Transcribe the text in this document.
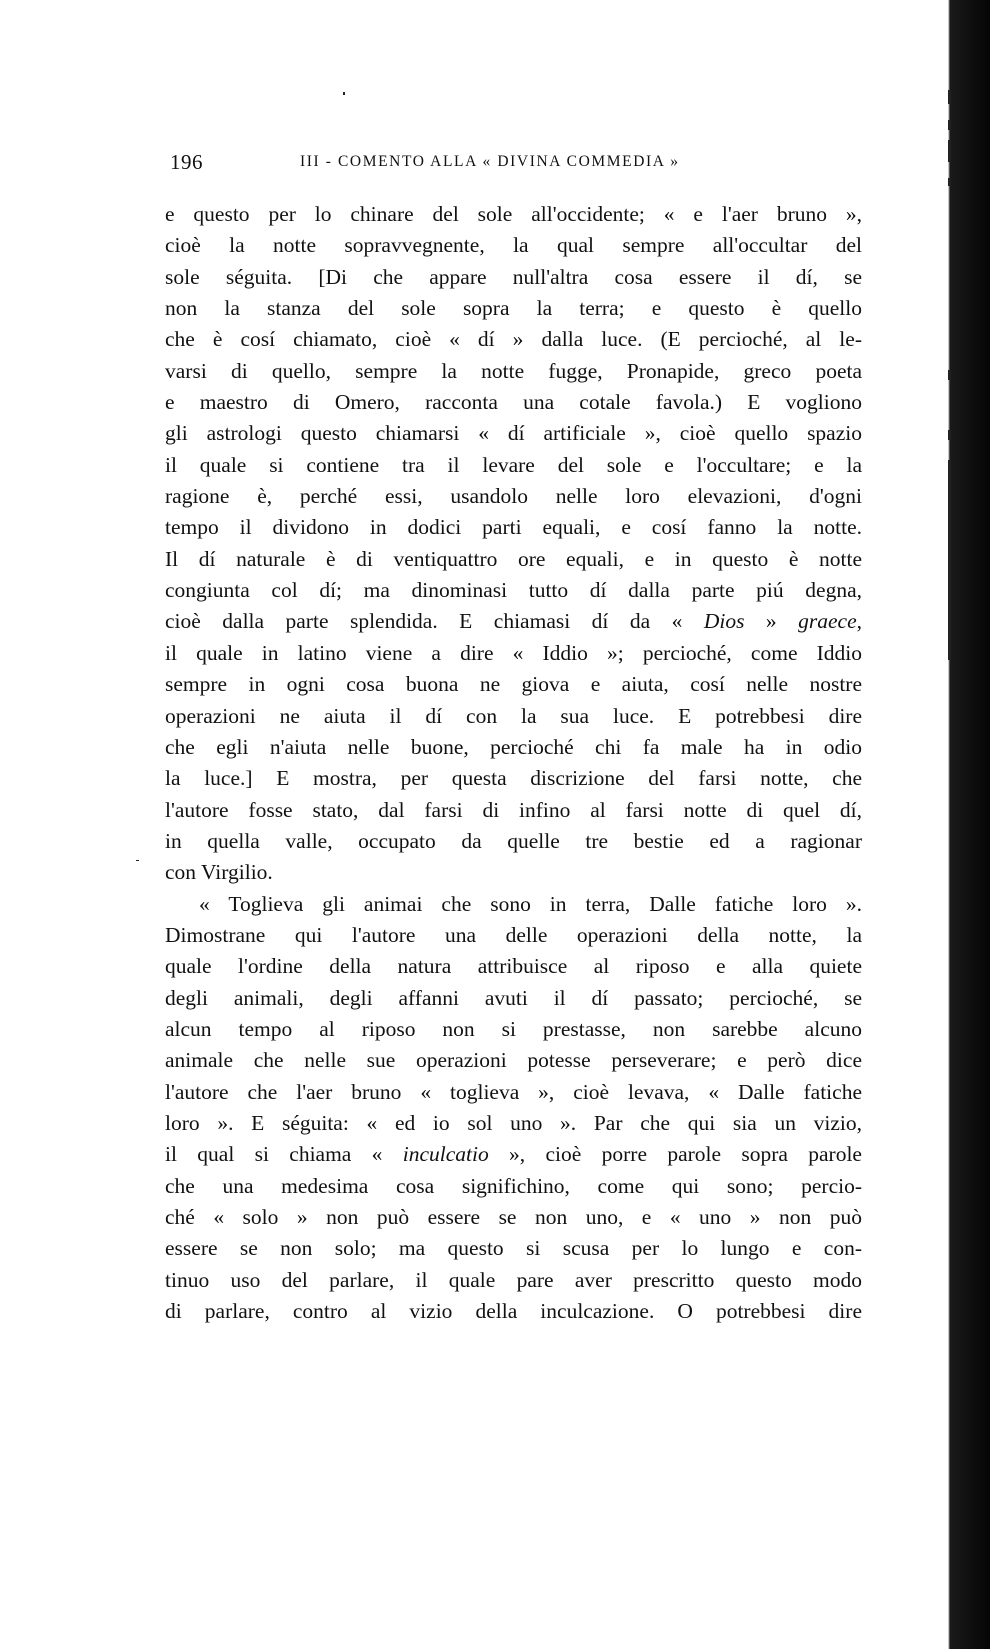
196	III - COMENTO ALLA « DIVINA COMMEDIA »
e questo per lo chinare del sole all'occidente; « e l'aer bruno »,
cioè la notte sopravvegnente, la qual sempre all'occultar del
sole séguita. [Di che appare null'altra cosa essere il dí, se
non la stanza del sole sopra la terra; e questo è quello
che è cosí chiamato, cioè « dí » dalla luce. (E percioché, al le-
varsi di quello, sempre la notte fugge, Pronapide, greco poeta
e maestro di Omero, racconta una cotale favola.) E vogliono
gli astrologi questo chiamarsi « dí artificiale », cioè quello spazio
il quale si contiene tra il levare del sole e l'occultare; e la
ragione è, perché essi, usandolo nelle loro elevazioni, d'ogni
tempo il dividono in dodici parti equali, e cosí fanno la notte.
Il dí naturale è di ventiquattro ore equali, e in questo è notte
congiunta col dí; ma dinominasi tutto dí dalla parte piú degna,
cioè dalla parte splendida. E chiamasi dí da « Dios » graece,
il quale in latino viene a dire « Iddio »; percioché, come Iddio
sempre in ogni cosa buona ne giova e aiuta, cosí nelle nostre
operazioni ne aiuta il dí con la sua luce. E potrebbesi dire
che egli n'aiuta nelle buone, percioché chi fa male ha in odio
la luce.] E mostra, per questa discrizione del farsi notte, che
l'autore fosse stato, dal farsi di infino al farsi notte di quel dí,
in quella valle, occupato da quelle tre bestie ed a ragionar
con Virgilio.
« Toglieva gli animai che sono in terra, Dalle fatiche loro ».
Dimostrane qui l'autore una delle operazioni della notte, la
quale l'ordine della natura attribuisce al riposo e alla quiete
degli animali, degli affanni avuti il dí passato; percioché, se
alcun tempo al riposo non si prestasse, non sarebbe alcuno
animale che nelle sue operazioni potesse perseverare; e però dice
l'autore che l'aer bruno « toglieva », cioè levava, « Dalle fatiche
loro ». E séguita: « ed io sol uno ». Par che qui sia un vizio,
il qual si chiama « inculcatio », cioè porre parole sopra parole
che una medesima cosa significhino, come qui sono; percio-
ché « solo » non può essere se non uno, e « uno » non può
essere se non solo; ma questo si scusa per lo lungo e con-
tinuo uso del parlare, il quale pare aver prescritto questo modo
di parlare, contro al vizio della inculcazione. O potrebbesi dire
